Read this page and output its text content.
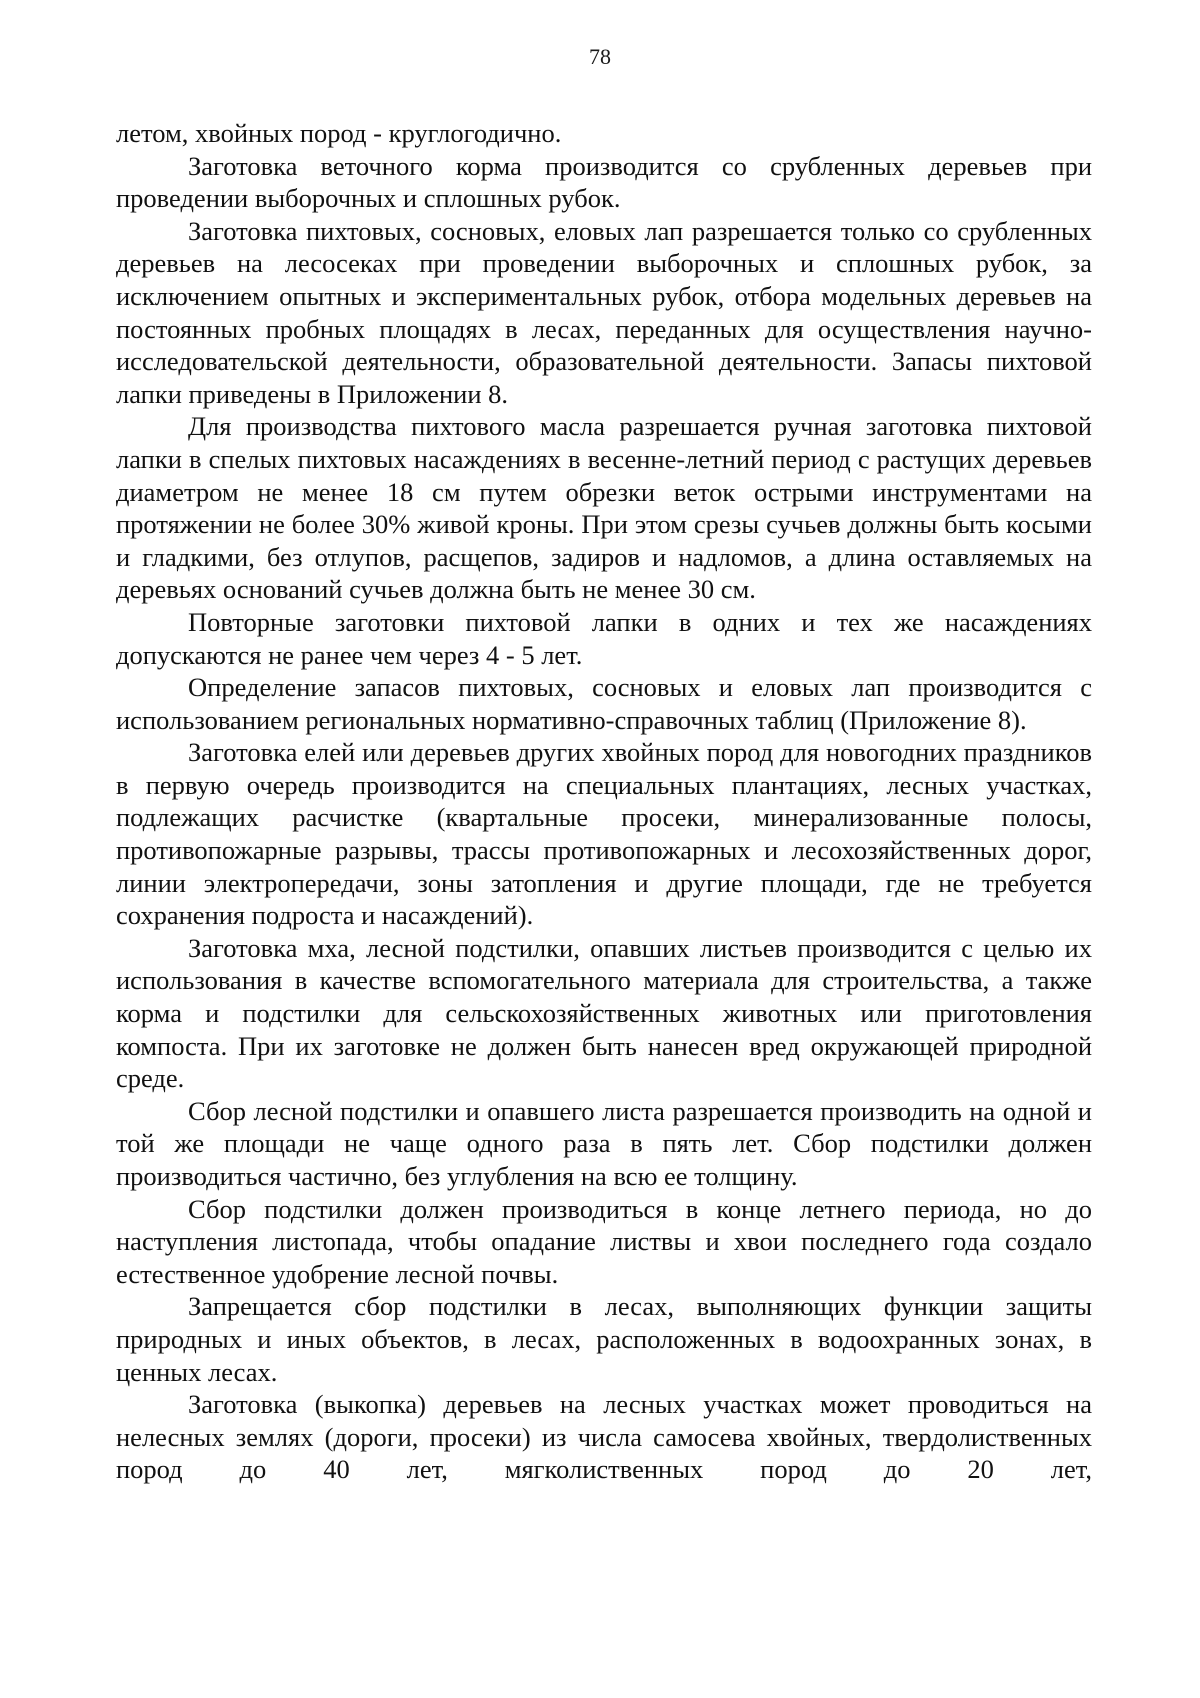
78

летом, хвойных пород - круглогодично.

Заготовка веточного корма производится со срубленных деревьев при проведении выборочных и сплошных рубок.

Заготовка пихтовых, сосновых, еловых лап разрешается только со срубленных деревьев на лесосеках при проведении выборочных и сплошных рубок, за исключением опытных и экспериментальных рубок, отбора модельных деревьев на постоянных пробных площадях в лесах, переданных для осуществления научно-исследовательской деятельности, образовательной деятельности. Запасы пихтовой лапки приведены в Приложении 8.

Для производства пихтового масла разрешается ручная заготовка пихтовой лапки в спелых пихтовых насаждениях в весенне-летний период с растущих деревьев диаметром не менее 18 см путем обрезки веток острыми инструментами на протяжении не более 30% живой кроны. При этом срезы сучьев должны быть косыми и гладкими, без отлупов, расщепов, задиров и надломов, а длина оставляемых на деревьях оснований сучьев должна быть не менее 30 см.

Повторные заготовки пихтовой лапки в одних и тех же насаждениях допускаются не ранее чем через 4 - 5 лет.

Определение запасов пихтовых, сосновых и еловых лап производится с использованием региональных нормативно-справочных таблиц (Приложение 8).

Заготовка елей или деревьев других хвойных пород для новогодних праздников в первую очередь производится на специальных плантациях, лесных участках, подлежащих расчистке (квартальные просеки, минерализованные полосы, противопожарные разрывы, трассы противопожарных и лесохозяйственных дорог, линии электропередачи, зоны затопления и другие площади, где не требуется сохранения подроста и насаждений).

Заготовка мха, лесной подстилки, опавших листьев производится с целью их использования в качестве вспомогательного материала для строительства, а также корма и подстилки для сельскохозяйственных животных или приготовления компоста. При их заготовке не должен быть нанесен вред окружающей природной среде.

Сбор лесной подстилки и опавшего листа разрешается производить на одной и той же площади не чаще одного раза в пять лет. Сбор подстилки должен производиться частично, без углубления на всю ее толщину.

Сбор подстилки должен производиться в конце летнего периода, но до наступления листопада, чтобы опадание листвы и хвои последнего года создало естественное удобрение лесной почвы.

Запрещается сбор подстилки в лесах, выполняющих функции защиты природных и иных объектов, в лесах, расположенных в водоохранных зонах, в ценных лесах.

Заготовка (выкопка) деревьев на лесных участках может проводиться на нелесных землях (дороги, просеки) из числа самосева хвойных, твердолиственных пород до 40 лет, мягколиственных пород до 20 лет,
